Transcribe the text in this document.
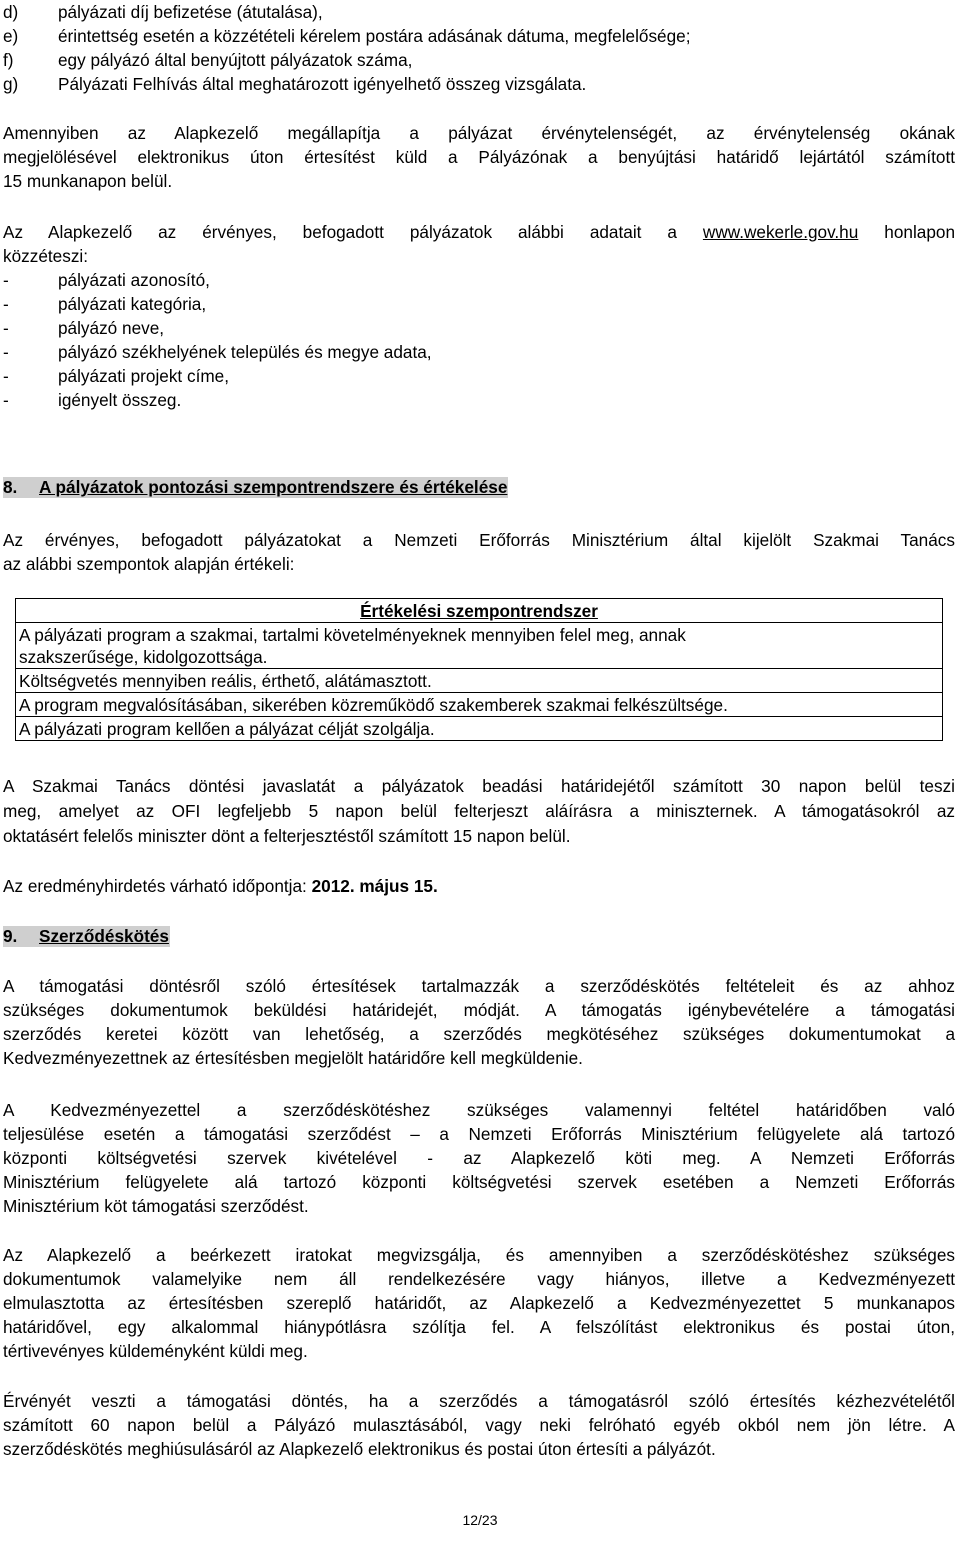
d) pályázati díj befizetése (átutalása),
e) érintettség esetén a közzétételi kérelem postára adásának dátuma, megfelelősége;
f)	egy pályázó által benyújtott pályázatok száma,
g) Pályázati Felhívás által meghatározott igényelhető összeg vizsgálata.
Amennyiben az Alapkezelő megállapítja a pályázat érvénytelenségét, az érvénytelenség okának
megjelölésével elektronikus úton értesítést küld a Pályázónak a benyújtási határidő lejártától számított
15 munkanapon belül.
Az Alapkezelő az érvényes, befogadott pályázatok alábbi adatait a www.wekerle.gov.hu honlapon
közzéteszi:
-	pályázati azonosító,
-	pályázati kategória,
-	pályázó neve,
-	pályázó székhelyének település és megye adata,
-	pályázati projekt címe,
-	igényelt összeg.
8. A pályázatok pontozási szempontrendszere és értékelése
Az érvényes, befogadott pályázatokat a Nemzeti Erőforrás Minisztérium által kijelölt Szakmai Tanács
az alábbi szempontok alapján értékeli:
Értékelési szempontrendszer
A pályázati program a szakmai, tartalmi követelményeknek mennyiben felel meg, annak
szakszerűsége, kidolgozottsága.
Költségvetés mennyiben reális, érthető, alátámasztott.
A program megvalósításában, sikerében közreműködő szakemberek szakmai felkészültsége.
A pályázati program kellően a pályázat célját szolgálja.
A Szakmai Tanács döntési javaslatát a pályázatok beadási határidejétől számított 30 napon belül teszi
meg, amelyet az OFI legfeljebb 5 napon belül felterjeszt aláírásra a miniszternek. A támogatásokról az
oktatásért felelős miniszter dönt a felterjesztéstől számított 15 napon belül.
Az eredményhirdetés várható időpontja: 2012. május 15.
9. Szerződéskötés
A támogatási döntésről szóló értesítések tartalmazzák a szerződéskötés feltételeit és az ahhoz
szükséges dokumentumok beküldési határidejét, módját. A támogatás igénybevételére a támogatási
szerződés keretei között van lehetőség, a szerződés megkötéséhez szükséges dokumentumokat a
Kedvezményezettnek az értesítésben megjelölt határidőre kell megküldenie.
A Kedvezményezettel a szerződéskötéshez szükséges valamennyi feltétel határidőben való
teljesülése esetén a támogatási szerződést – a Nemzeti Erőforrás Minisztérium felügyelete alá tartozó
központi költségvetési szervek kivételével - az Alapkezelő köti meg. A Nemzeti Erőforrás
Minisztérium felügyelete alá tartozó központi költségvetési szervek esetében a Nemzeti Erőforrás
Minisztérium köt támogatási szerződést.
Az Alapkezelő a beérkezett iratokat megvizsgálja, és amennyiben a szerződéskötéshez szükséges
dokumentumok valamelyike nem áll rendelkezésére vagy hiányos, illetve a Kedvezményezett
elmulasztotta az értesítésben szereplő határidőt, az Alapkezelő a Kedvezményezettet 5 munkanapos
határidővel, egy alkalommal hiánypótlásra szólítja fel. A felszólítást elektronikus és postai úton,
tértivevényes küldeményként küldi meg.
Érvényét veszti a támogatási döntés, ha a szerződés a támogatásról szóló értesítés kézhezvételétől
számított 60 napon belül a Pályázó mulasztásából, vagy neki felróható egyéb okból nem jön létre. A
szerződéskötés meghiúsulásáról az Alapkezelő elektronikus és postai úton értesíti a pályázót.
12/23
